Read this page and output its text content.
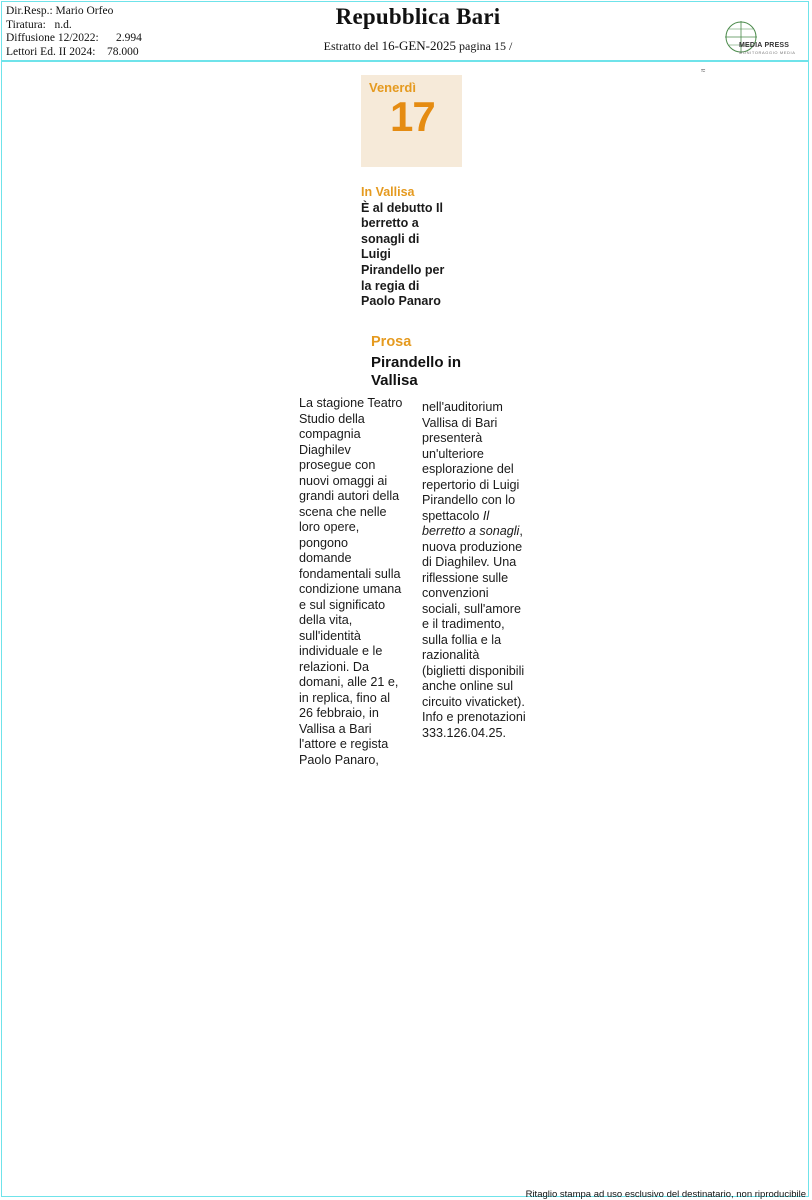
Dir.Resp.: Mario Orfeo
Tiratura: n.d.
Diffusione 12/2022: 2.994
Lettori Ed. II 2024: 78.000
Repubblica Bari
Estratto del 16-GEN-2025 pagina 15 /	MEDIA PRESS
MONITORAGGIO MEDIA
≈
Venerdì
17
In Vallisa
È al debutto Il berretto a sonagli di Luigi Pirandello per la regia di Paolo Panaro
Prosa
Pirandello in Vallisa
La stagione Teatro Studio della compagnia Diaghilev prosegue con nuovi omaggi ai grandi autori della scena che nelle loro opere, pongono domande fondamentali sulla condizione umana e sul significato della vita, sull'identità individuale e le relazioni. Da domani, alle 21 e, in replica, fino al 26 febbraio, in Vallisa a Bari l'attore e regista Paolo Panaro,
nell'auditorium Vallisa di Bari presenterà un'ulteriore esplorazione del repertorio di Luigi Pirandello con lo spettacolo Il berretto a sonagli, nuova produzione di Diaghilev. Una riflessione sulle convenzioni sociali, sull'amore e il tradimento, sulla follia e la razionalità (biglietti disponibili anche online sul circuito vivaticket). Info e prenotazioni 333.126.04.25.
Ritaglio stampa ad uso esclusivo del destinatario, non riproducibile
